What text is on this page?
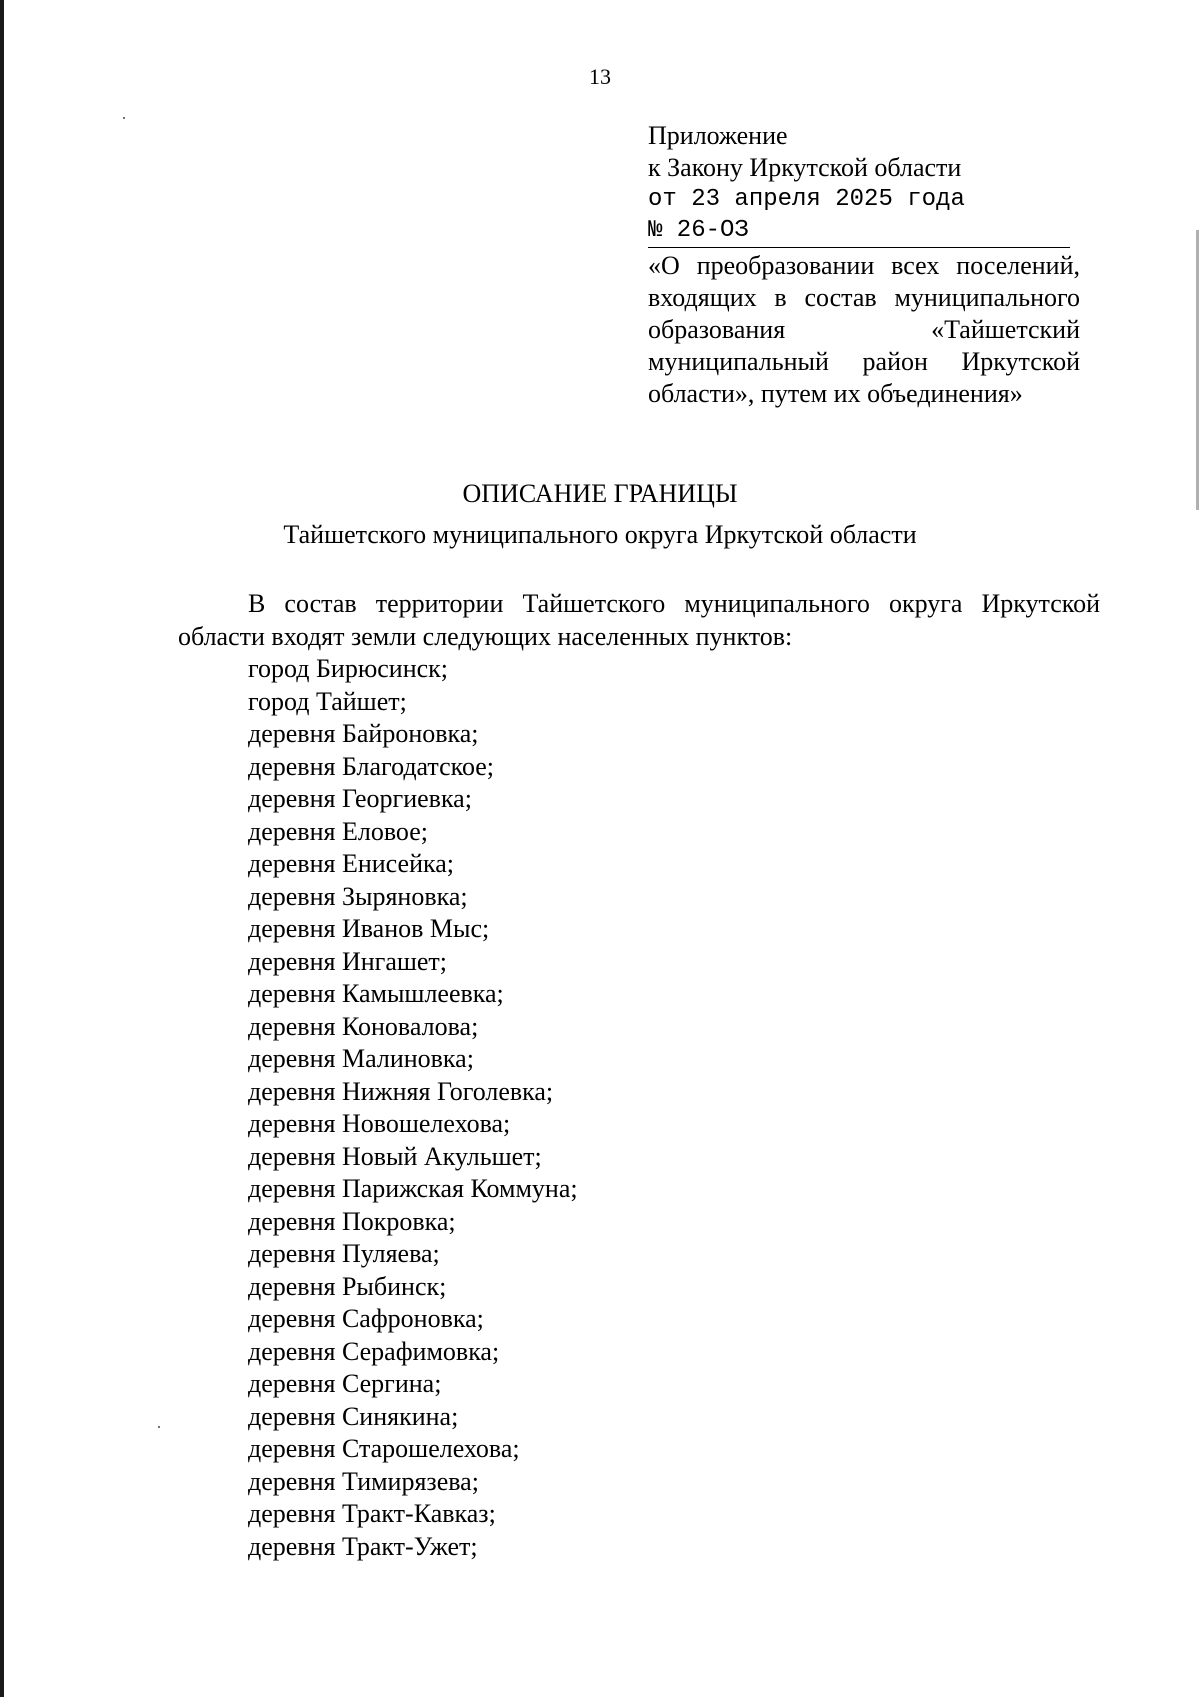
13
Приложение
к Закону Иркутской области
от 23 апреля 2025 года
№ 26-ОЗ
«О преобразовании всех поселений, входящих в состав муниципального образования «Тайшетский муниципальный район Иркутской области», путем их объединения»
ОПИСАНИЕ ГРАНИЦЫ
Тайшетского муниципального округа Иркутской области
В состав территории Тайшетского муниципального округа Иркутской области входят земли следующих населенных пунктов:
город Бирюсинск;
город Тайшет;
деревня Байроновка;
деревня Благодатское;
деревня Георгиевка;
деревня Еловое;
деревня Енисейка;
деревня Зыряновка;
деревня Иванов Мыс;
деревня Ингашет;
деревня Камышлеевка;
деревня Коновалова;
деревня Малиновка;
деревня Нижняя Гоголевка;
деревня Новошелехова;
деревня Новый Акульшет;
деревня Парижская Коммуна;
деревня Покровка;
деревня Пуляева;
деревня Рыбинск;
деревня Сафроновка;
деревня Серафимовка;
деревня Сергина;
деревня Синякина;
деревня Старошелехова;
деревня Тимирязева;
деревня Тракт-Кавказ;
деревня Тракт-Ужет;
